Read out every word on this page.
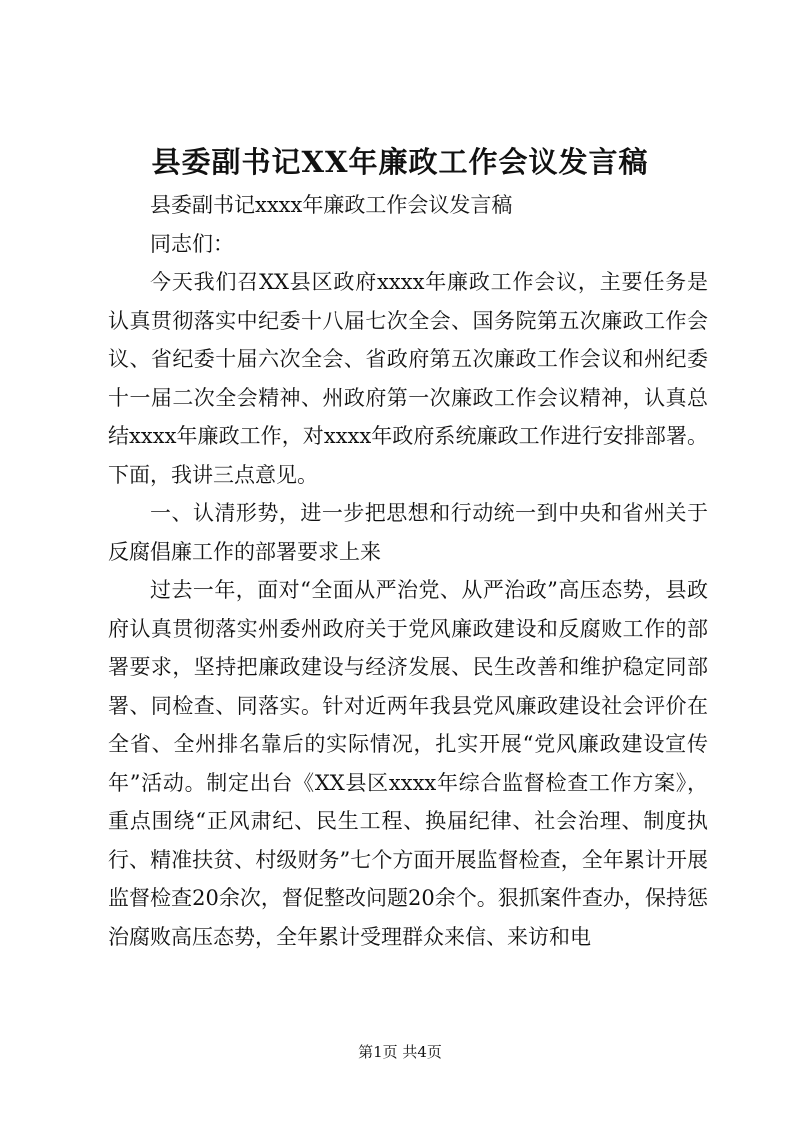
县委副书记XX年廉政工作会议发言稿

县委副书记xxxx年廉政工作会议发言稿

同志们：

今天我们召XX县区政府xxxx年廉政工作会议，主要任务是认真贯彻落实中纪委十八届七次全会、国务院第五次廉政工作会议、省纪委十届六次全会、省政府第五次廉政工作会议和州纪委十一届二次全会精神、州政府第一次廉政工作会议精神，认真总结xxxx年廉政工作，对xxxx年政府系统廉政工作进行安排部署。下面，我讲三点意见。

一、认清形势，进一步把思想和行动统一到中央和省州关于反腐倡廉工作的部署要求上来

过去一年，面对“全面从严治党、从严治政”高压态势，县政府认真贯彻落实州委州政府关于党风廉政建设和反腐败工作的部署要求，坚持把廉政建设与经济发展、民生改善和维护稳定同部署、同检查、同落实。针对近两年我县党风廉政建设社会评价在全省、全州排名靠后的实际情况，扎实开展“党风廉政建设宣传年”活动。制定出台《XX县区xxxx年综合监督检查工作方案》，重点围绕“正风肃纪、民生工程、换届纪律、社会治理、制度执行、精准扶贫、村级财务”七个方面开展监督检查，全年累计开展监督检查20余次，督促整改问题20余个。狠抓案件查办，保持惩治腐败高压态势，全年累计受理群众来信、来访和电

第1页 共4页
